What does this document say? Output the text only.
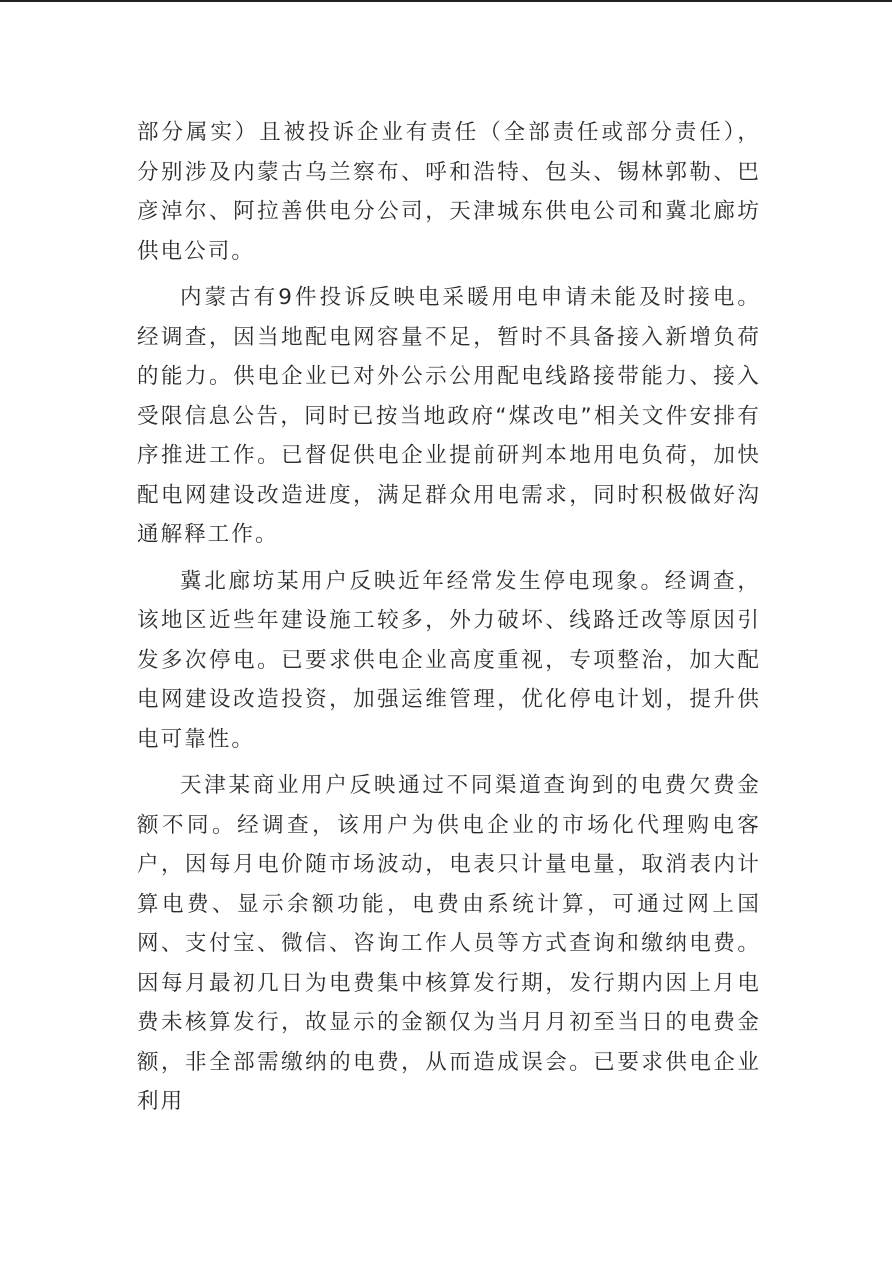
部分属实）且被投诉企业有责任（全部责任或部分责任），分别涉及内蒙古乌兰察布、呼和浩特、包头、锡林郭勒、巴彦淖尔、阿拉善供电分公司，天津城东供电公司和冀北廊坊供电公司。

内蒙古有9件投诉反映电采暖用电申请未能及时接电。经调查，因当地配电网容量不足，暂时不具备接入新增负荷的能力。供电企业已对外公示公用配电线路接带能力、接入受限信息公告，同时已按当地政府“煤改电”相关文件安排有序推进工作。已督促供电企业提前研判本地用电负荷，加快配电网建设改造进度，满足群众用电需求，同时积极做好沟通解释工作。

冀北廊坊某用户反映近年经常发生停电现象。经调查，该地区近些年建设施工较多，外力破坏、线路迁改等原因引发多次停电。已要求供电企业高度重视，专项整治，加大配电网建设改造投资，加强运维管理，优化停电计划，提升供电可靠性。

天津某商业用户反映通过不同渠道查询到的电费欠费金额不同。经调查，该用户为供电企业的市场化代理购电客户，因每月电价随市场波动，电表只计量电量，取消表内计算电费、显示余额功能，电费由系统计算，可通过网上国网、支付宝、微信、咨询工作人员等方式查询和缴纳电费。因每月最初几日为电费集中核算发行期，发行期内因上月电费未核算发行，故显示的金额仅为当月月初至当日的电费金额，非全部需缴纳的电费，从而造成误会。已要求供电企业利用
